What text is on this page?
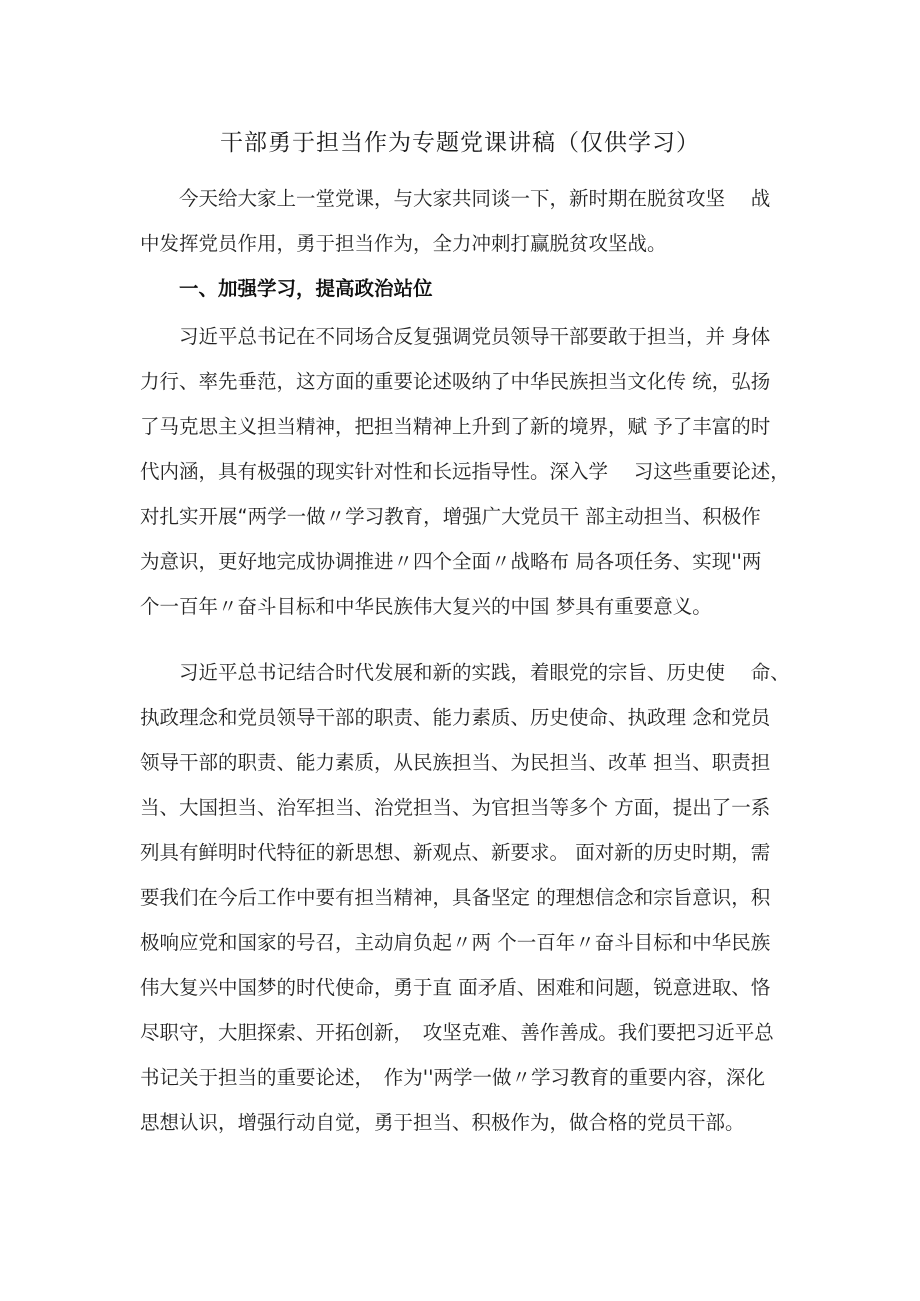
干部勇于担当作为专题党课讲稿（仅供学习）
今天给大家上一堂党课，与大家共同谈一下，新时期在脱贫攻坚　 战
中发挥党员作用，勇于担当作为，全力冲刺打赢脱贫攻坚战。
一、加强学习，提高政治站位
习近平总书记在不同场合反复强调党员领导干部要敢于担当，并 身体
力行、率先垂范，这方面的重要论述吸纳了中华民族担当文化传 统，弘扬
了马克思主义担当精神，把担当精神上升到了新的境界，赋 予了丰富的时
代内涵，具有极强的现实针对性和长远指导性。深入学　 习这些重要论述，
对扎实开展“两学一做〃学习教育，增强广大党员干 部主动担当、积极作
为意识，更好地完成协调推进〃四个全面〃战略布 局各项任务、实现''两
个一百年〃奋斗目标和中华民族伟大复兴的中国 梦具有重要意义。
习近平总书记结合时代发展和新的实践，着眼党的宗旨、历史使　 命、
执政理念和党员领导干部的职责、能力素质、历史使命、执政理 念和党员
领导干部的职责、能力素质，从民族担当、为民担当、改革 担当、职责担
当、大国担当、治军担当、治党担当、为官担当等多个 方面，提出了一系
列具有鲜明时代特征的新思想、新观点、新要求。 面对新的历史时期，需
要我们在今后工作中要有担当精神，具备坚定 的理想信念和宗旨意识，积
极响应党和国家的号召，主动肩负起〃两 个一百年〃奋斗目标和中华民族
伟大复兴中国梦的时代使命，勇于直 面矛盾、困难和问题，锐意进取、恪
尽职守，大胆探索、开拓创新，　攻坚克难、善作善成。我们要把习近平总
书记关于担当的重要论述，　作为''两学一做〃学习教育的重要内容，深化
思想认识，增强行动自觉，勇于担当、积极作为，做合格的党员干部。
